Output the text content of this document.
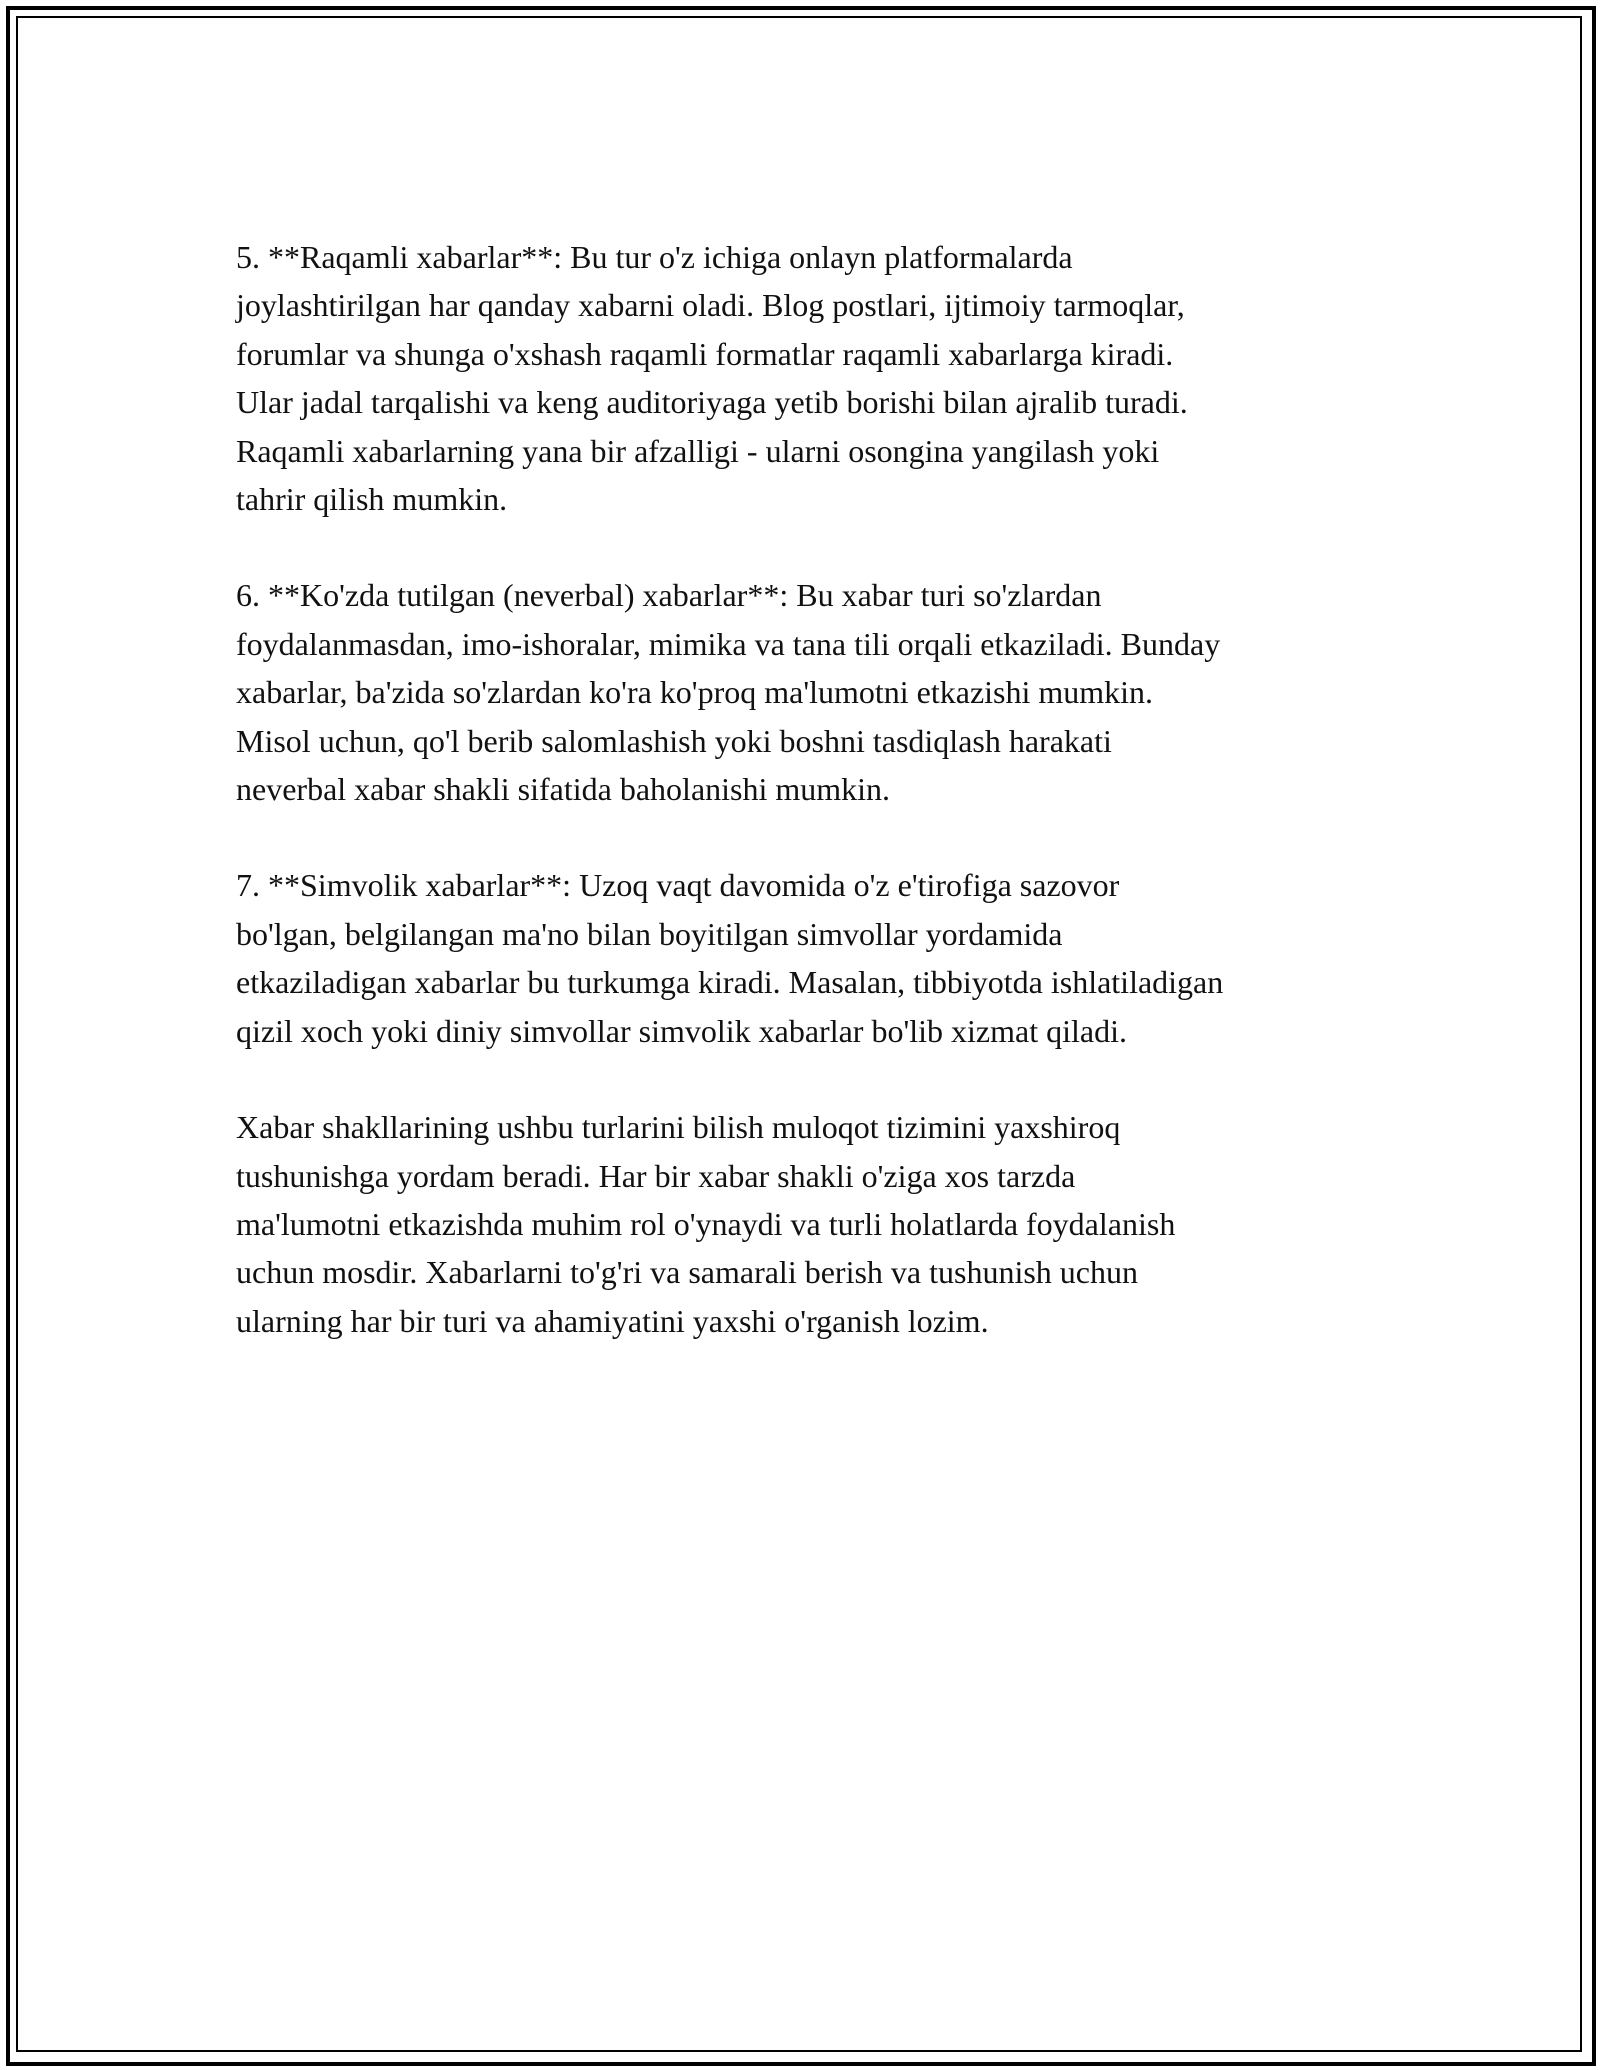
5. **Raqamli xabarlar**: Bu tur o'z ichiga onlayn platformalarda
joylashtirilgan har qanday xabarni oladi. Blog postlari, ijtimoiy tarmoqlar,
forumlar va shunga o'xshash raqamli formatlar raqamli xabarlarga kiradi.
Ular jadal tarqalishi va keng auditoriyaga yetib borishi bilan ajralib turadi.
Raqamli xabarlarning yana bir afzalligi - ularni osongina yangilash yoki
tahrir qilish mumkin.

6. **Ko'zda tutilgan (neverbal) xabarlar**: Bu xabar turi so'zlardan
foydalanmasdan, imo-ishoralar, mimika va tana tili orqali etkaziladi. Bunday
xabarlar, ba'zida so'zlardan ko'ra ko'proq ma'lumotni etkazishi mumkin.
Misol uchun, qo'l berib salomlashish yoki boshni tasdiqlash harakati
neverbal xabar shakli sifatida baholanishi mumkin.

7. **Simvolik xabarlar**: Uzoq vaqt davomida o'z e'tirofiga sazovor
bo'lgan, belgilangan ma'no bilan boyitilgan simvollar yordamida
etkaziladigan xabarlar bu turkumga kiradi. Masalan, tibbiyotda ishlatiladigan
qizil xoch yoki diniy simvollar simvolik xabarlar bo'lib xizmat qiladi.

Xabar shakllarining ushbu turlarini bilish muloqot tizimini yaxshiroq
tushunishga yordam beradi. Har bir xabar shakli o'ziga xos tarzda
ma'lumotni etkazishda muhim rol o'ynaydi va turli holatlarda foydalanish
uchun mosdir. Xabarlarni to'g'ri va samarali berish va tushunish uchun
ularning har bir turi va ahamiyatini yaxshi o'rganish lozim.
